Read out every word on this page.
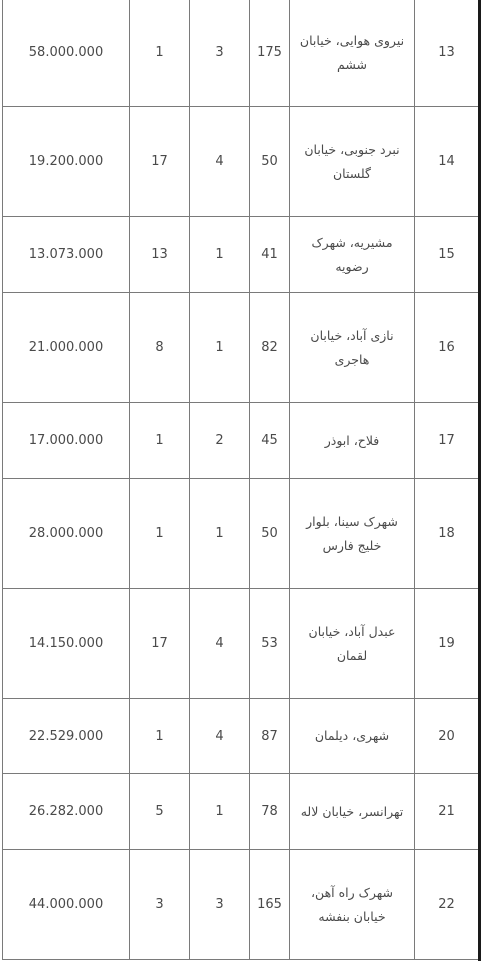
13	نیروی هوایی، خیابان ششم	175	3	1	58.000.000
14	نبرد جنوبی، خیابان گلستان	50	4	17	19.200.000
15	مشیریه، شهرک رضویه	41	1	13	13.073.000
16	نازی آباد، خیابان هاجری	82	1	8	21.000.000
17	فلاح، ابوذر	45	2	1	17.000.000
18	شهرک سینا، بلوار خلیج فارس	50	1	1	28.000.000
19	عبدل آباد، خیابان لقمان	53	4	17	14.150.000
20	شهری، دیلمان	87	4	1	22.529.000
21	تهرانسر، خیابان لاله	78	1	5	26.282.000
22	شهرک راه آهن، خیابان بنفشه	165	3	3	44.000.000
